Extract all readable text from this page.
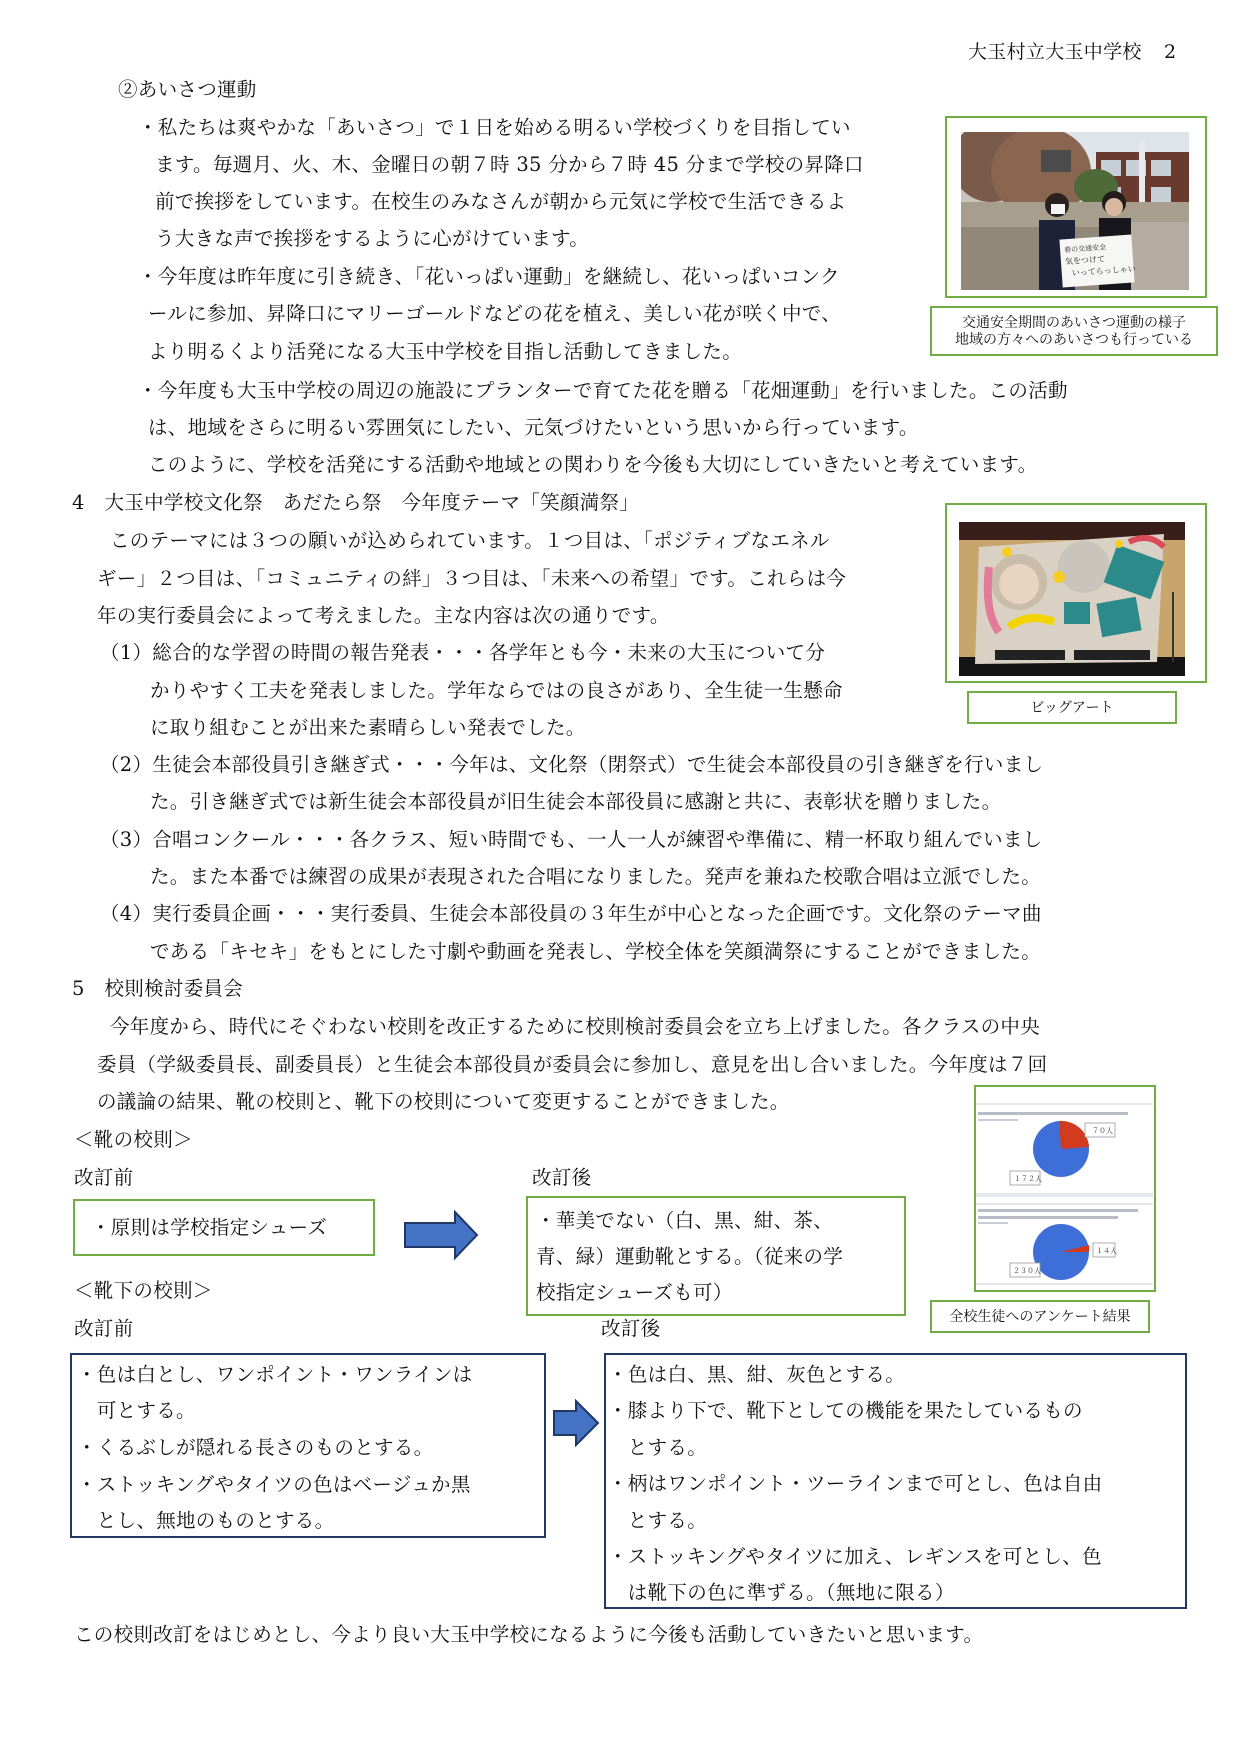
大玉村立大玉中学校 2
②あいさつ運動
・私たちは爽やかな「あいさつ」で１日を始める明るい学校づくりを目指してい
ます。毎週月、火、木、金曜日の朝７時 35 分から７時 45 分まで学校の昇降口
前で挨拶をしています。在校生のみなさんが朝から元気に学校で生活できるよ
う大きな声で挨拶をするように心がけています。
・今年度は昨年度に引き続き、「花いっぱい運動」を継続し、花いっぱいコンク
ールに参加、昇降口にマリーゴールドなどの花を植え、美しい花が咲く中で、
より明るくより活発になる大玉中学校を目指し活動してきました。
・今年度も大玉中学校の周辺の施設にプランターで育てた花を贈る「花畑運動」を行いました。この活動
は、地域をさらに明るい雰囲気にしたい、元気づけたいという思いから行っています。
このように、学校を活発にする活動や地域との関わりを今後も大切にしていきたいと考えています。
春の交通安全
気をつけて
いってらっしゃい
交通安全期間のあいさつ運動の様子
地域の方々へのあいさつも行っている
4　大玉中学校文化祭　あだたら祭　今年度テーマ「笑顔満祭」
このテーマには３つの願いが込められています。１つ目は、「ポジティブなエネル
ギー」２つ目は、「コミュニティの絆」３つ目は、「未来への希望」です。これらは今
年の実行委員会によって考えました。主な内容は次の通りです。
（1）総合的な学習の時間の報告発表・・・各学年とも今・未来の大玉について分
かりやすく工夫を発表しました。学年ならではの良さがあり、全生徒一生懸命
に取り組むことが出来た素晴らしい発表でした。
（2）生徒会本部役員引き継ぎ式・・・今年は、文化祭（閉祭式）で生徒会本部役員の引き継ぎを行いまし
た。引き継ぎ式では新生徒会本部役員が旧生徒会本部役員に感謝と共に、表彰状を贈りました。
（3）合唱コンクール・・・各クラス、短い時間でも、一人一人が練習や準備に、精一杯取り組んでいまし
た。また本番では練習の成果が表現された合唱になりました。発声を兼ねた校歌合唱は立派でした。
（4）実行委員企画・・・実行委員、生徒会本部役員の３年生が中心となった企画です。文化祭のテーマ曲
である「キセキ」をもとにした寸劇や動画を発表し、学校全体を笑顔満祭にすることができました。
ビッグアート
5　校則検討委員会
今年度から、時代にそぐわない校則を改正するために校則検討委員会を立ち上げました。各クラスの中央
委員（学級委員長、副委員長）と生徒会本部役員が委員会に参加し、意見を出し合いました。今年度は７回
の議論の結果、靴の校則と、靴下の校則について変更することができました。
＜靴の校則＞
改訂前	改訂後
・原則は学校指定シューズ	・華美でない（白、黒、紺、茶、
青、緑）運動靴とする。（従来の学
校指定シューズも可）
＜靴下の校則＞
改訂前	改訂後
・色は白とし、ワンポイント・ワンラインは
　可とする。
・くるぶしが隠れる長さのものとする。
・ストッキングやタイツの色はベージュか黒
　とし、無地のものとする。
・色は白、黒、紺、灰色とする。
・膝より下で、靴下としての機能を果たしているもの
　とする。
・柄はワンポイント・ツーラインまで可とし、色は自由
　とする。
・ストッキングやタイツに加え、レギンスを可とし、色
　は靴下の色に準ずる。（無地に限る）
７０人
１７２人
１４人
２３０人
全校生徒へのアンケート結果
この校則改訂をはじめとし、今より良い大玉中学校になるように今後も活動していきたいと思います。
